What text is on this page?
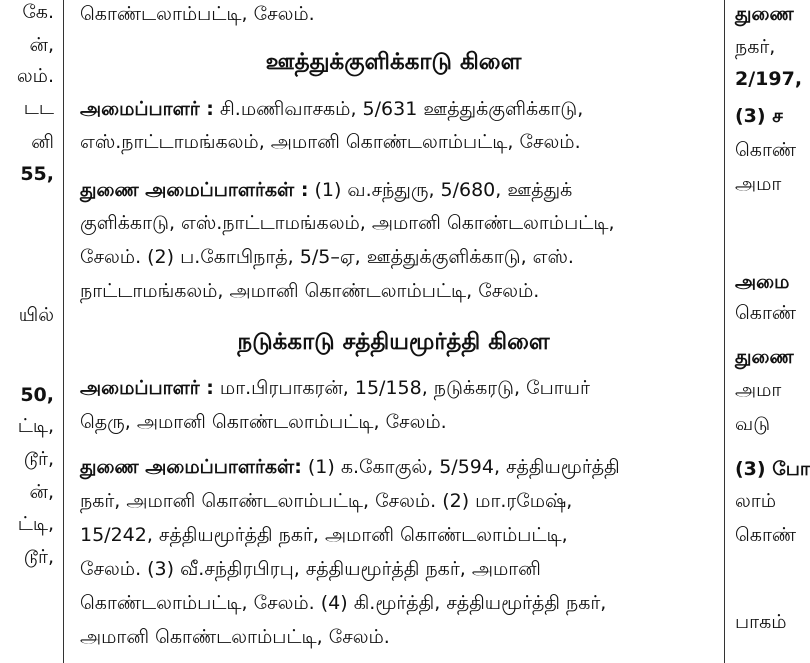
கே.
ன்,
லம்.
டட
னி
55,
யில்
50,
ட்டி,
டூர்,
ன்,
ட்டி,
டூர்,
கொண்டலாம்பட்டி, சேலம்.
ஊத்துக்குளிக்காடு கிளை
அமைப்பாளர் : சி.மணிவாசகம், 5/631 ஊத்துக்குளிக்காடு,
எஸ்.நாட்டாமங்கலம், அமானி கொண்டலாம்பட்டி, சேலம்.
துணை அமைப்பாளர்கள் : (1) வ.சந்துரு, 5/680, ஊத்துக்
குளிக்காடு, எஸ்.நாட்டாமங்கலம், அமானி கொண்டலாம்பட்டி,
சேலம். (2) ப.கோபிநாத், 5/5–ஏ, ஊத்துக்குளிக்காடு, எஸ்.
நாட்டாமங்கலம், அமானி கொண்டலாம்பட்டி, சேலம்.
நடுக்காடு சத்தியமூர்த்தி கிளை
அமைப்பாளர் : மா.பிரபாகரன், 15/158, நடுக்கரடு, போயர்
தெரு, அமானி கொண்டலாம்பட்டி, சேலம்.
துணை அமைப்பாளர்கள்: (1) க.கோகுல், 5/594, சத்தியமூர்த்தி
நகர், அமானி கொண்டலாம்பட்டி, சேலம். (2) மா.ரமேஷ்,
15/242, சத்தியமூர்த்தி நகர், அமானி கொண்டலாம்பட்டி,
சேலம். (3) வீ.சந்திரபிரபு, சத்தியமூர்த்தி நகர், அமானி
கொண்டலாம்பட்டி, சேலம். (4) கி.மூர்த்தி, சத்தியமூர்த்தி நகர்,
அமானி கொண்டலாம்பட்டி, சேலம்.
துணை
நகர்,
2/197,
(3) ச
கொண்
அமா
அமை
கொண்
துணை
அமா
வடு
(3) போ
லாம்
கொண்
பாகம்
